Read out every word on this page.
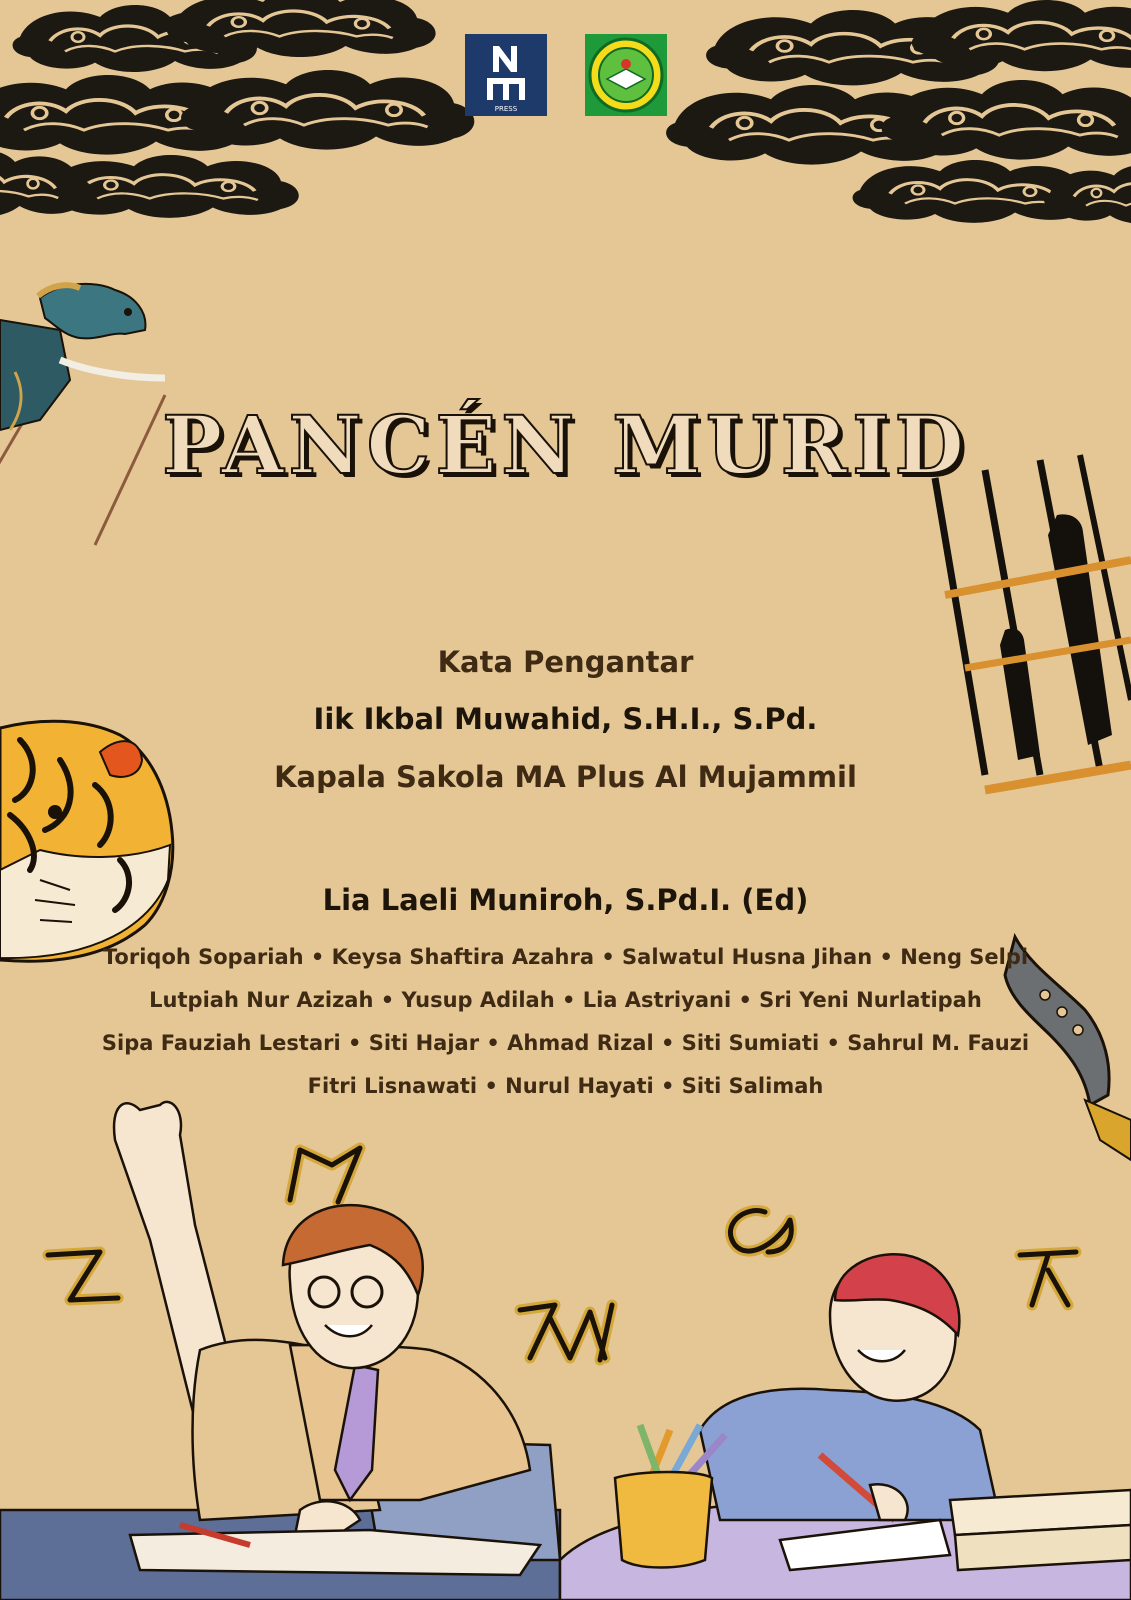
PRESS
PANCÉN MURID
Kata Pengantar
Iik Ikbal Muwahid, S.H.I., S.Pd.
Kapala Sakola MA Plus Al Mujammil
Lia Laeli Muniroh, S.Pd.I. (Ed)
Toriqoh Sopariah • Keysa Shaftira Azahra • Salwatul Husna Jihan • Neng Selpi
Lutpiah Nur Azizah • Yusup Adilah • Lia Astriyani • Sri Yeni Nurlatipah
Sipa Fauziah Lestari • Siti Hajar • Ahmad Rizal • Siti Sumiati • Sahrul M. Fauzi
Fitri Lisnawati • Nurul Hayati • Siti Salimah
